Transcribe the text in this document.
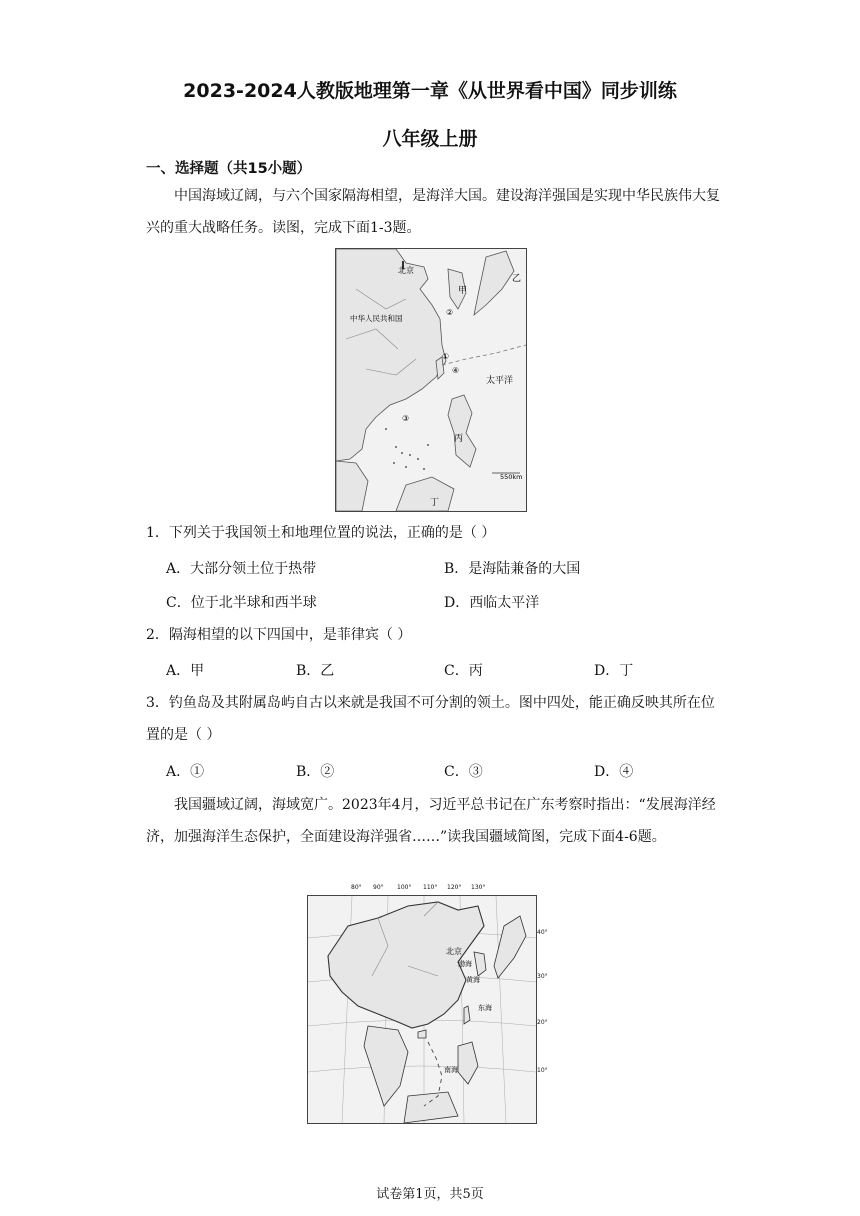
2023-2024人教版地理第一章《从世界看中国》同步训练
八年级上册
一、选择题（共15小题）
中国海域辽阔，与六个国家隔海相望，是海洋大国。建设海洋强国是实现中华民族伟大复兴的重大战略任务。读图，完成下面1-3题。
北京
中华人民共和国
甲
乙
丙
丁
太平洋
①
②
③
④
550km
1．下列关于我国领土和地理位置的说法，正确的是（ ）
A．大部分领土位于热带	B．是海陆兼备的大国
C．位于北半球和西半球	D．西临太平洋
2．隔海相望的以下四国中，是菲律宾（ ）
A．甲	B．乙	C．丙	D．丁
3．钓鱼岛及其附属岛屿自古以来就是我国不可分割的领土。图中四处，能正确反映其所在位置的是（ ）
A．①	B．②	C．③	D．④
我国疆域辽阔，海域宽广。2023年4月，习近平总书记在广东考察时指出：“发展海洋经济，加强海洋生态保护，全面建设海洋强省……”读我国疆域简图，完成下面4-6题。
北京
渤海
黄海
东海
南海
80° 90° 100° 110° 120° 130°
40°
30°
20°
10°
试卷第1页，共5页
